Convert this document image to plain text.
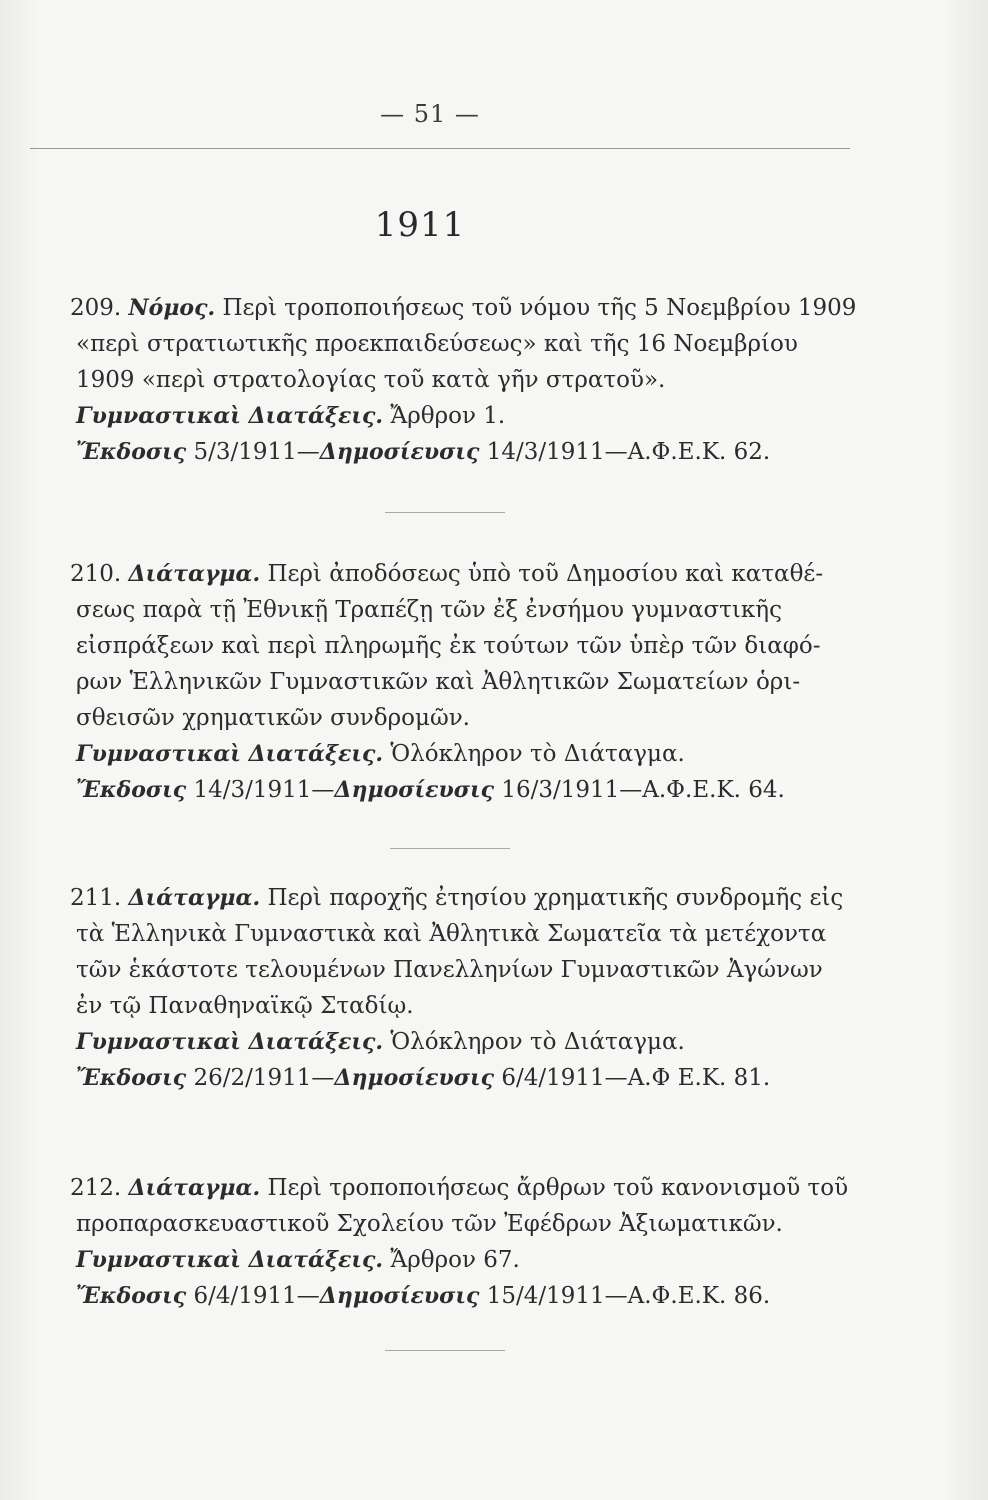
— 51 —
1911
209. Νόμος. Περὶ τροποποιήσεως τοῦ νόμου τῆς 5 Νοεμβρίου 1909
«περὶ στρατιωτικῆς προεκπαιδεύσεως» καὶ τῆς 16 Νοεμβρίου
1909 «περὶ στρατολογίας τοῦ κατὰ γῆν στρατοῦ».
Γυμναστικαὶ Διατάξεις. Ἄρθρον 1.
Ἔκδοσις 5/3/1911—Δημοσίευσις 14/3/1911—Α.Φ.Ε.Κ. 62.
210. Διάταγμα. Περὶ ἀποδόσεως ὑπὸ τοῦ Δημοσίου καὶ καταθέ-
σεως παρὰ τῇ Ἐθνικῇ Τραπέζῃ τῶν ἐξ ἐνσήμου γυμναστικῆς
εἰσπράξεων καὶ περὶ πληρωμῆς ἐκ τούτων τῶν ὑπὲρ τῶν διαφό-
ρων Ἑλληνικῶν Γυμναστικῶν καὶ Ἀθλητικῶν Σωματείων ὁρι-
σθεισῶν χρηματικῶν συνδρομῶν.
Γυμναστικαὶ Διατάξεις. Ὁλόκληρον τὸ Διάταγμα.
Ἔκδοσις 14/3/1911—Δημοσίευσις 16/3/1911—Α.Φ.Ε.Κ. 64.
211. Διάταγμα. Περὶ παροχῆς ἐτησίου χρηματικῆς συνδρομῆς εἰς
τὰ Ἑλληνικὰ Γυμναστικὰ καὶ Ἀθλητικὰ Σωματεῖα τὰ μετέχοντα
τῶν ἑκάστοτε τελουμένων Πανελληνίων Γυμναστικῶν Ἀγώνων
ἐν τῷ Παναθηναϊκῷ Σταδίῳ.
Γυμναστικαὶ Διατάξεις. Ὁλόκληρον τὸ Διάταγμα.
Ἔκδοσις 26/2/1911—Δημοσίευσις 6/4/1911—Α.Φ Ε.Κ. 81.
212. Διάταγμα. Περὶ τροποποιήσεως ἄρθρων τοῦ κανονισμοῦ τοῦ
προπαρασκευαστικοῦ Σχολείου τῶν Ἐφέδρων Ἀξιωματικῶν.
Γυμναστικαὶ Διατάξεις. Ἄρθρον 67.
Ἔκδοσις 6/4/1911—Δημοσίευσις 15/4/1911—Α.Φ.Ε.Κ. 86.
